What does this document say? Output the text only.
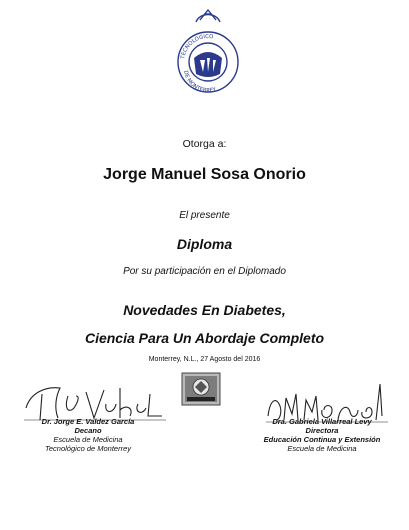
TECNOLOGICO
DE MONTERREY
Otorga a:
Jorge Manuel Sosa Onorio
El presente
Diploma
Por su participación en el Diplomado
Novedades En Diabetes,
Ciencia Para Un Abordaje Completo
Monterrey, N.L., 27 Agosto del 2016
Dr. Jorge E. Valdez García
Decano
Escuela de Medicina
Tecnológico de Monterrey
Dra. Gabriela Villarreal Levy
Directora
Educación Continua y Extensión
Escuela de Medicina
